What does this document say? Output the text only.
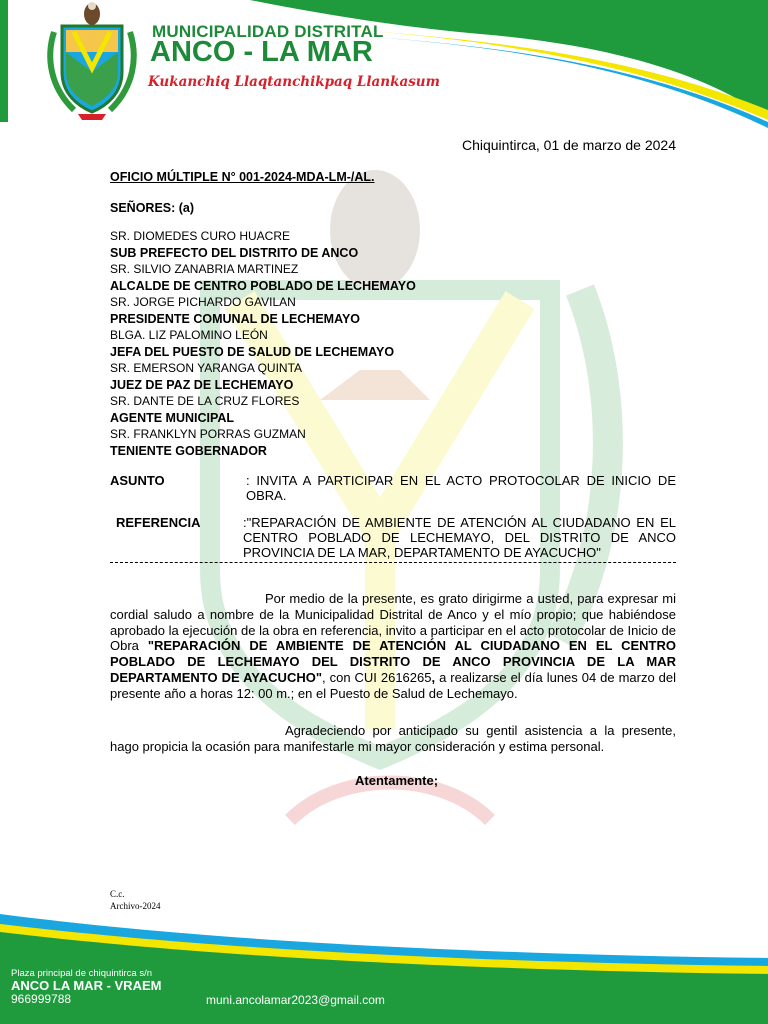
MUNICIPALIDAD DISTRITAL
ANCO - LA MAR
Kukanchiq Llaqtanchikpaq Llankasum
Chiquintirca, 01 de marzo de 2024
OFICIO MÚLTIPLE N° 001-2024-MDA-LM-/AL.
SEÑORES: (a)
SR. DIOMEDES CURO HUACRE
SUB PREFECTO DEL DISTRITO DE ANCO
SR. SILVIO ZANABRIA MARTINEZ
ALCALDE DE CENTRO POBLADO DE LECHEMAYO
SR. JORGE PICHARDO GAVILAN
PRESIDENTE COMUNAL DE LECHEMAYO
BLGA. LIZ PALOMINO LEÓN
JEFA DEL PUESTO DE SALUD DE LECHEMAYO
SR. EMERSON YARANGA QUINTA
JUEZ DE PAZ DE LECHEMAYO
SR. DANTE DE LA CRUZ FLORES
AGENTE MUNICIPAL
SR. FRANKLYN PORRAS GUZMAN
TENIENTE GOBERNADOR
ASUNTO	: INVITA A PARTICIPAR EN EL ACTO PROTOCOLAR DE INICIO DE OBRA.
REFERENCIA	:"REPARACIÓN DE AMBIENTE DE ATENCIÓN AL CIUDADANO EN EL CENTRO POBLADO DE LECHEMAYO, DEL DISTRITO DE ANCO PROVINCIA DE LA MAR, DEPARTAMENTO DE AYACUCHO"
Por medio de la presente, es grato dirigirme a usted, para expresar mi cordial saludo a nombre de la Municipalidad Distrital de Anco y el mío propio; que habiéndose aprobado la ejecución de la obra en referencia, invito a participar en el acto protocolar de Inicio de Obra "REPARACIÓN DE AMBIENTE DE ATENCIÓN AL CIUDADANO EN EL CENTRO POBLADO DE LECHEMAYO DEL DISTRITO DE ANCO PROVINCIA DE LA MAR DEPARTAMENTO DE AYACUCHO", con CUI 2616265, a realizarse el día lunes 04 de marzo del presente año a horas 12: 00 m.; en el Puesto de Salud de Lechemayo.
Agradeciendo por anticipado su gentil asistencia a la presente, hago propicia la ocasión para manifestarle mi mayor consideración y estima personal.
Atentamente;
C.c.
Archivo-2024
Plaza principal de chiquintirca s/n
ANCO LA MAR - VRAEM
966999788	muni.ancolamar2023@gmail.com
